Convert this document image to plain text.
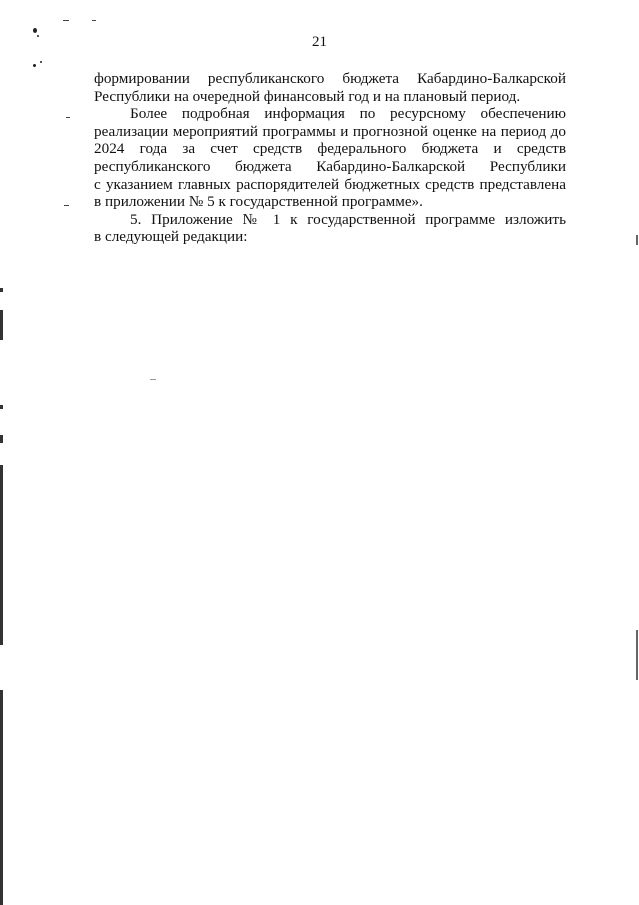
21
формировании республиканского бюджета Кабардино-Балкарской
Республики на очередной финансовый год и на плановый период.
Более подробная информация по ресурсному обеспечению
реализации мероприятий программы и прогнозной оценке на период до
2024 года за счет средств федерального бюджета и средств
республиканского бюджета Кабардино-Балкарской Республики
с указанием главных распорядителей бюджетных средств представлена
в приложении № 5 к государственной программе».
5. Приложение № 1 к государственной программе изложить
в следующей редакции:
